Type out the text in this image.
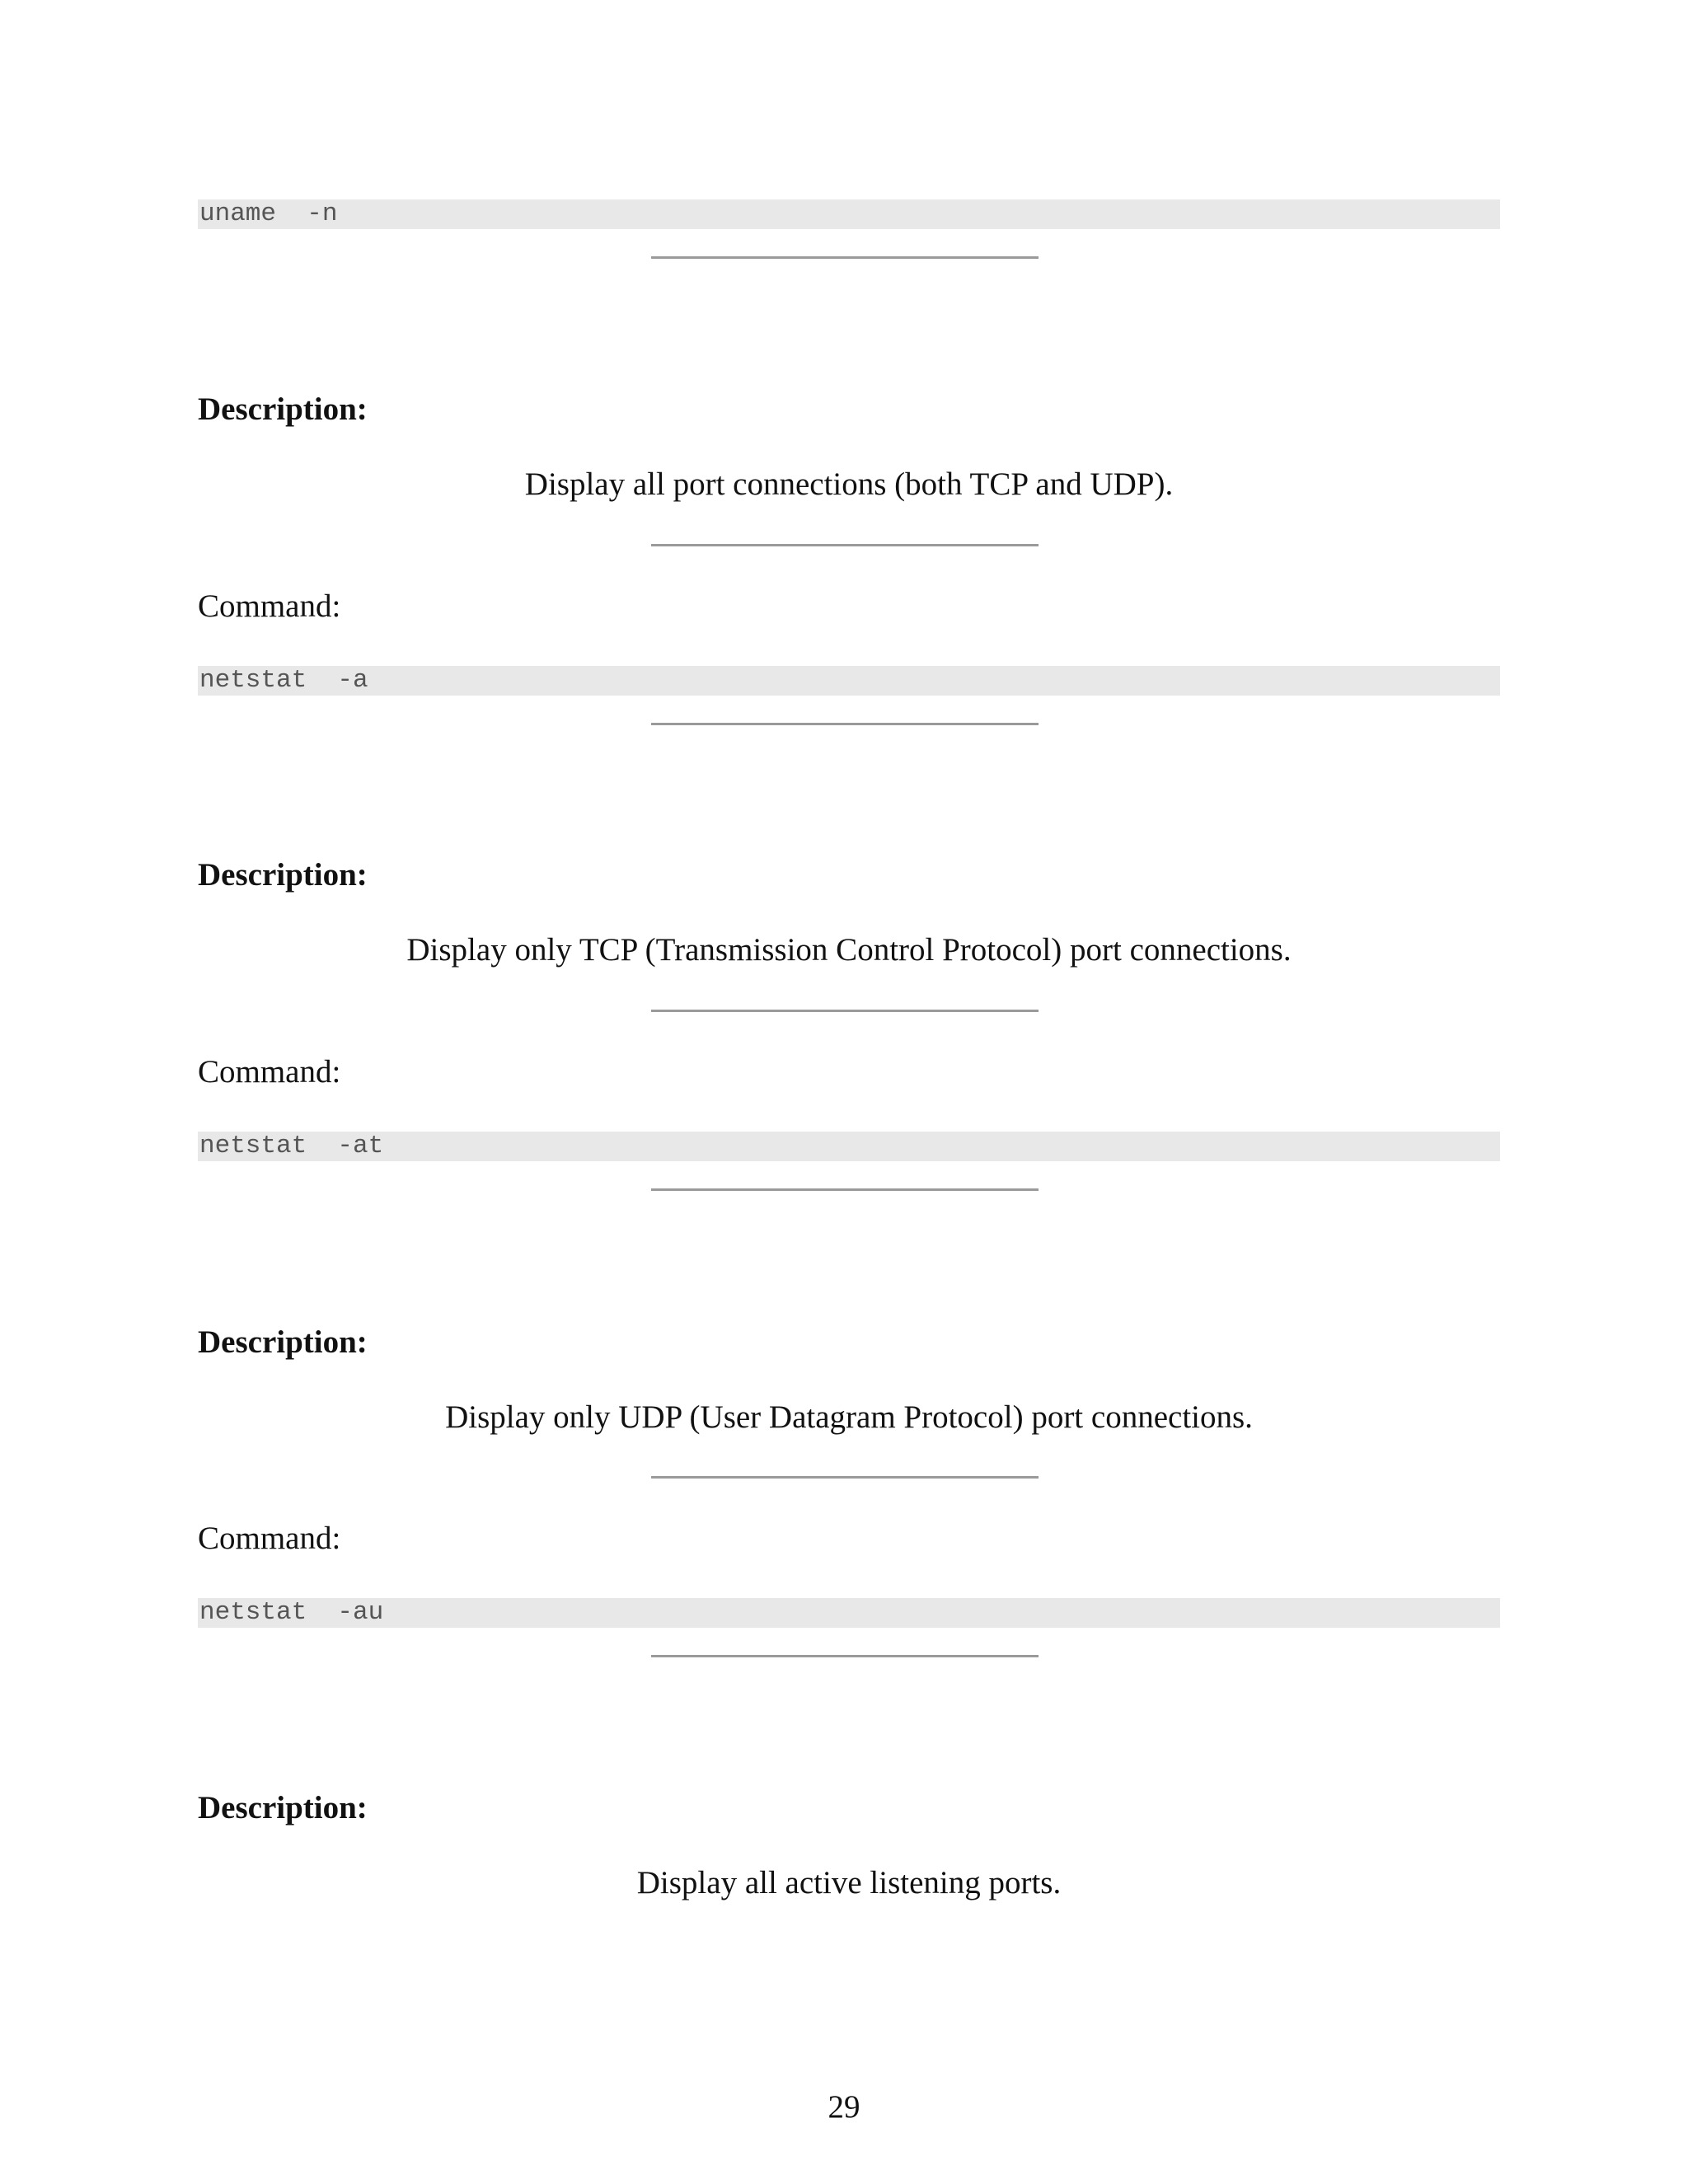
uname  -n
Description:
Display all port connections (both TCP and UDP).
Command:
netstat  -a
Description:
Display only TCP (Transmission Control Protocol) port connections.
Command:
netstat  -at
Description:
Display only UDP (User Datagram Protocol) port connections.
Command:
netstat  -au
Description:
Display all active listening ports.
29
